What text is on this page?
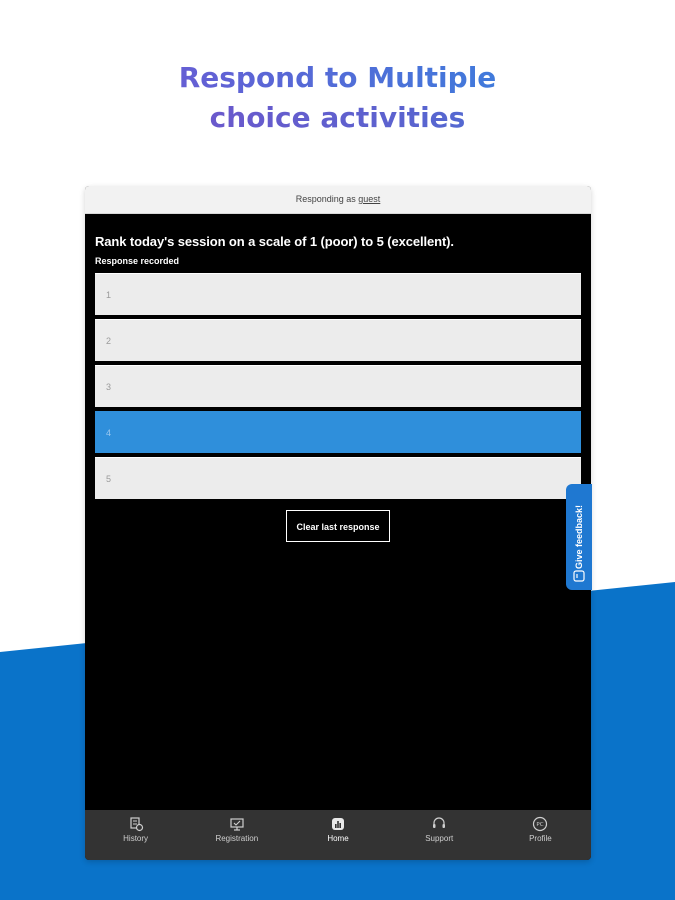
Respond to Multiple
choice activities
Responding as guest
Rank today's session on a scale of 1 (poor) to 5 (excellent).
Response recorded
1
2
3
4
5
Clear last response
History	Registration	Home	Support
PC
Profile
Give feedback!
